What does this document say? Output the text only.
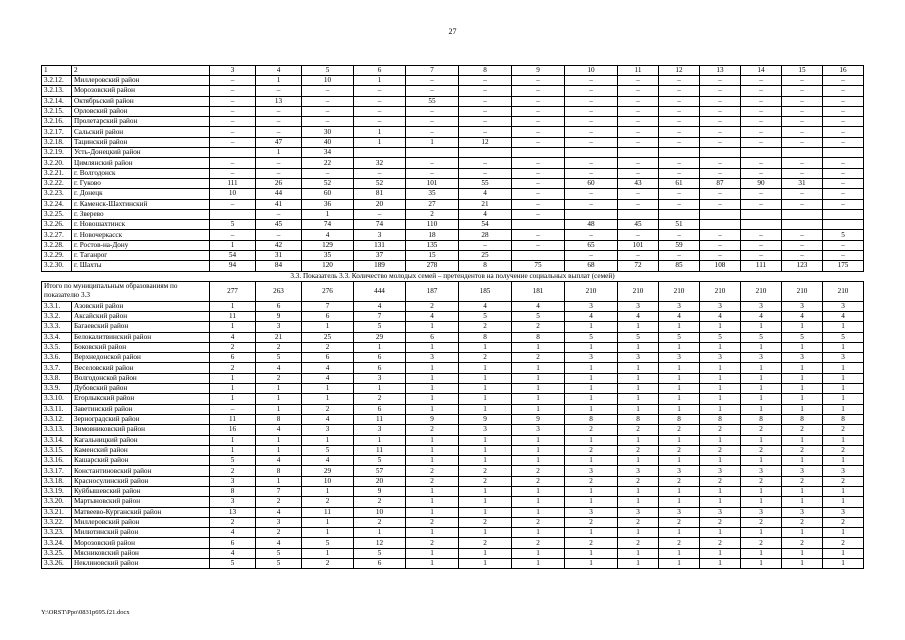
27
1	2	3	4	5	6	7	8	9	10	11	12	13	14	15	16
3.2.12.	Миллеровский район	–	1	10	1	–	–	–	–	–	–	–	–	–	–
3.2.13.	Морозовский район	–	–	–	–	–	–	–	–	–	–	–	–	–	–
3.2.14.	Октябрьский район	–	13	–	–	55	–	–	–	–	–	–	–	–	–
3.2.15.	Орловский район	–	–	–	–	–	–	–	–	–	–	–	–	–	–
3.2.16.	Пролетарский район	–	–	–	–	–	–	–	–	–	–	–	–	–	–
3.2.17.	Сальский район	–	–	30	1	–	–	–	–	–	–	–	–	–	–
3.2.18.	Тацинский район	–	47	40	1	1	12	–	–	–	–	–	–	–	–
3.2.19.	Усть-Донецкий район		1	34											
3.2.20.	Цимлянский район	–	–	22	32	–	–	–	–	–	–	–	–	–	–
3.2.21.	г. Волгодонск	–	–	–	–	–	–	–	–	–	–	–	–	–	–
3.2.22.	г. Гуково	111	26	52	52	101	55	–	60	43	61	87	90	31	–
3.2.23.	г. Донецк	10	44	60	81	35	4	–	–	–	–	–	–	–	–
3.2.24.	г. Каменск-Шахтинский	–	41	36	20	27	21	–	–	–	–	–	–	–	–
3.2.25.	г. Зверево		–	1	–	2	4	–							
3.2.26.	г. Новошахтинск	5	45	74	74	110	54		48	45	51				
3.2.27.	г. Новочеркасск	–	–	4	3	18	28	–	–	–	–	–	–	–	5
3.2.28.	г. Ростов-на-Дону	1	42	129	131	135	–	–	65	101	59	–	–	–	–
3.2.29.	г. Таганрог	54	31	35	37	15	25		–	–	–	–	–	–	–
3.2.30.	г. Шахты	94	84	120	189	278	8	75	68	72	85	108	111	123	175
3.3. Показатель 3.3. Количество молодых семей – претендентов на получение социальных выплат (семей)															
Итого по муниципальным образованиям по показателю 3.3		277	263	276	444	187	185	181	210	210	210	210	210	210	210
3.3.1.	Азовский район	1	6	7	4	2	4	4	3	3	3	3	3	3	3
3.3.2.	Аксайский район	11	9	6	7	4	5	5	4	4	4	4	4	4	4
3.3.3.	Багаевский район	1	3	1	5	1	2	2	1	1	1	1	1	1	1
3.3.4.	Белокалитвинский район	4	21	25	29	6	8	8	5	5	5	5	5	5	5
3.3.5.	Боковский район	2	2	2	1	1	1	1	1	1	1	1	1	1	1
3.3.6.	Верхнедонской район	6	5	6	6	3	2	2	3	3	3	3	3	3	3
3.3.7.	Веселовский район	2	4	4	6	1	1	1	1	1	1	1	1	1	1
3.3.8.	Волгодонской район	1	2	4	3	1	1	1	1	1	1	1	1	1	1
3.3.9.	Дубовский район	1	1	1	1	1	1	1	1	1	1	1	1	1	1
3.3.10.	Егорлыкский район	1	1	1	2	1	1	1	1	1	1	1	1	1	1
3.3.11.	Заветинский район	–	1	2	6	1	1	1	1	1	1	1	1	1	1
3.3.12.	Зерноградский район	11	8	4	11	9	9	9	8	8	8	8	8	8	8
3.3.13.	Зимовниковский район	16	4	3	3	2	3	3	2	2	2	2	2	2	2
3.3.14.	Кагальницкий район	1	1	1	1	1	1	1	1	1	1	1	1	1	1
3.3.15.	Каменский район	1	1	5	11	1	1	1	2	2	2	2	2	2	2
3.3.16.	Кашарский район	5	4	4	5	1	1	1	1	1	1	1	1	1	1
3.3.17.	Константиновский район	2	8	29	57	2	2	2	3	3	3	3	3	3	3
3.3.18.	Красносулинский район	3	1	10	20	2	2	2	2	2	2	2	2	2	2
3.3.19.	Куйбышевский район	8	7	1	9	1	1	1	1	1	1	1	1	1	1
3.3.20.	Мартыновский район	3	2	2	2	1	1	1	1	1	1	1	1	1	1
3.3.21.	Матвеево-Курганский район	13	4	11	10	1	1	1	3	3	3	3	3	3	3
3.3.22.	Миллеровский район	2	3	1	2	2	2	2	2	2	2	2	2	2	2
3.3.23.	Милютинский район	4	2	1	1	1	1	1	1	1	1	1	1	1	1
3.3.24.	Морозовский район	6	4	5	12	2	2	2	2	2	2	2	2	2	2
3.3.25.	Мясниковский район	4	5	1	5	1	1	1	1	1	1	1	1	1	1
3.3.26.	Неклиновский район	5	5	2	6	1	1	1	1	1	1	1	1	1	1
Y:\ORST\Ppo\0831p695.f21.docx
